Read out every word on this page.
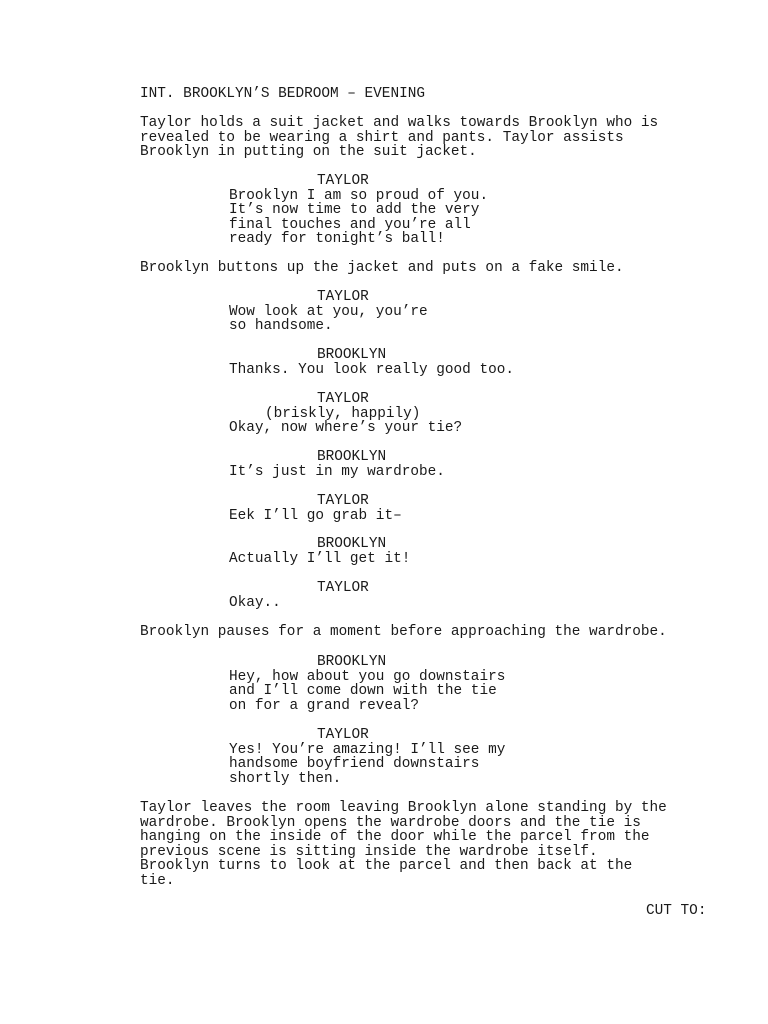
INT. BROOKLYN’S BEDROOM – EVENING
Taylor holds a suit jacket and walks towards Brooklyn who is
revealed to be wearing a shirt and pants. Taylor assists
Brooklyn in putting on the suit jacket.
TAYLOR
Brooklyn I am so proud of you.
It’s now time to add the very
final touches and you’re all
ready for tonight’s ball!
Brooklyn buttons up the jacket and puts on a fake smile.
TAYLOR
Wow look at you, you’re
so handsome.
BROOKLYN
Thanks. You look really good too.
TAYLOR
(briskly, happily)
Okay, now where’s your tie?
BROOKLYN
It’s just in my wardrobe.
TAYLOR
Eek I’ll go grab it–
BROOKLYN
Actually I’ll get it!
TAYLOR
Okay..
Brooklyn pauses for a moment before approaching the wardrobe.
BROOKLYN
Hey, how about you go downstairs
and I’ll come down with the tie
on for a grand reveal?
TAYLOR
Yes! You’re amazing! I’ll see my
handsome boyfriend downstairs
shortly then.
Taylor leaves the room leaving Brooklyn alone standing by the
wardrobe. Brooklyn opens the wardrobe doors and the tie is
hanging on the inside of the door while the parcel from the
previous scene is sitting inside the wardrobe itself.
Brooklyn turns to look at the parcel and then back at the
tie.
CUT TO:
